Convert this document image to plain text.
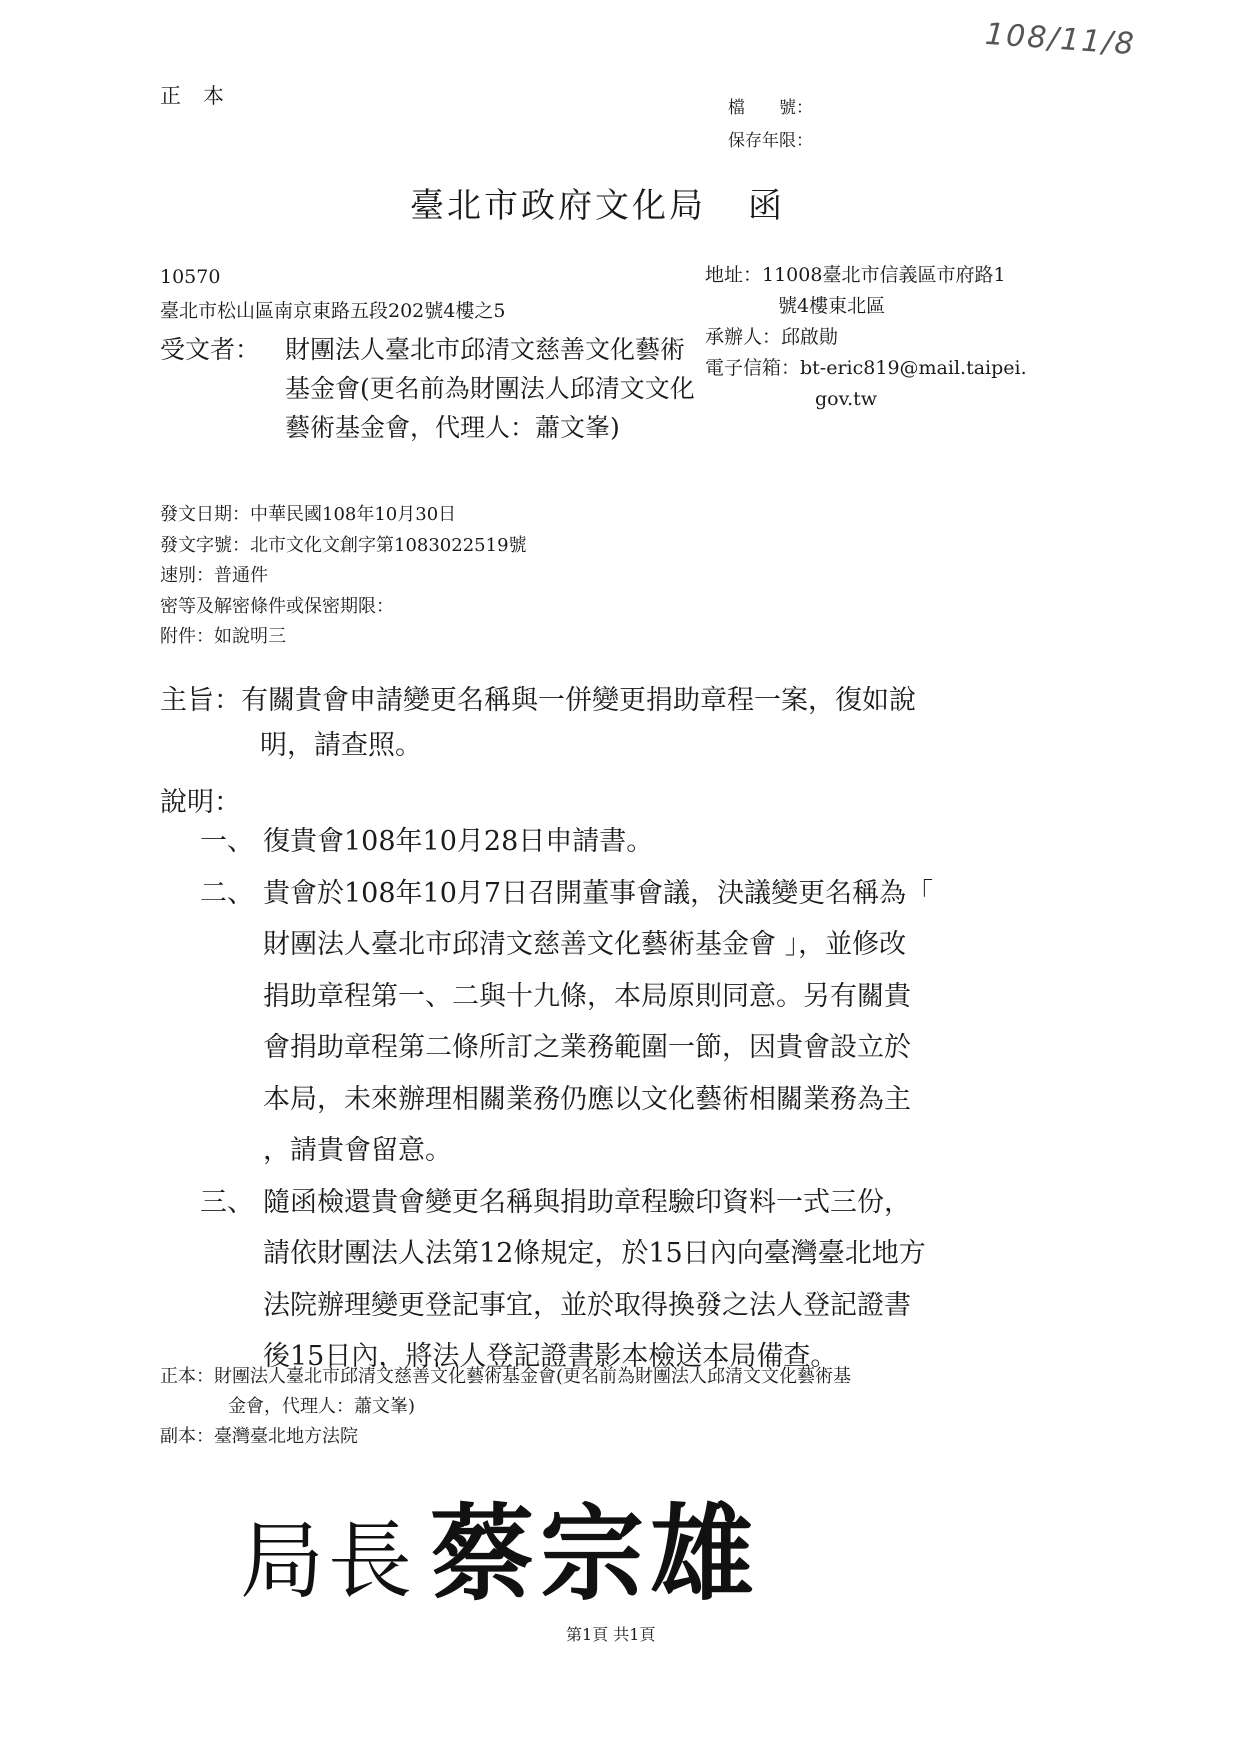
108/11/8
正本	檔　　號：
保存年限：
臺北市政府文化局 函
10570
臺北市松山區南京東路五段202號4樓之5
受文者： 財團法人臺北市邱清文慈善文化藝術基金會(更名前為財團法人邱清文文化藝術基金會，代理人：蕭文峯)
地址：11008臺北市信義區市府路1
號4樓東北區
承辦人：邱啟勛
電子信箱：bt-eric819@mail.taipei.
gov.tw
發文日期：中華民國108年10月30日
發文字號：北市文化文創字第1083022519號
速別：普通件
密等及解密條件或保密期限：
附件：如說明三
主旨：有關貴會申請變更名稱與一併變更捐助章程一案，復如說
明，請查照。
說明：
一、 復貴會108年10月28日申請書。
二、 貴會於108年10月7日召開董事會議，決議變更名稱為「
財團法人臺北市邱清文慈善文化藝術基金會 」，並修改
捐助章程第一、二與十九條，本局原則同意。另有關貴
會捐助章程第二條所訂之業務範圍一節，因貴會設立於
本局，未來辦理相關業務仍應以文化藝術相關業務為主
，請貴會留意。
三、 隨函檢還貴會變更名稱與捐助章程驗印資料一式三份，
請依財團法人法第12條規定，於15日內向臺灣臺北地方
法院辦理變更登記事宜，並於取得換發之法人登記證書
後15日內，將法人登記證書影本檢送本局備查。
正本：財團法人臺北市邱清文慈善文化藝術基金會(更名前為財團法人邱清文文化藝術基
金會，代理人：蕭文峯)
副本：臺灣臺北地方法院
局長 蔡宗雄
第1頁 共1頁
